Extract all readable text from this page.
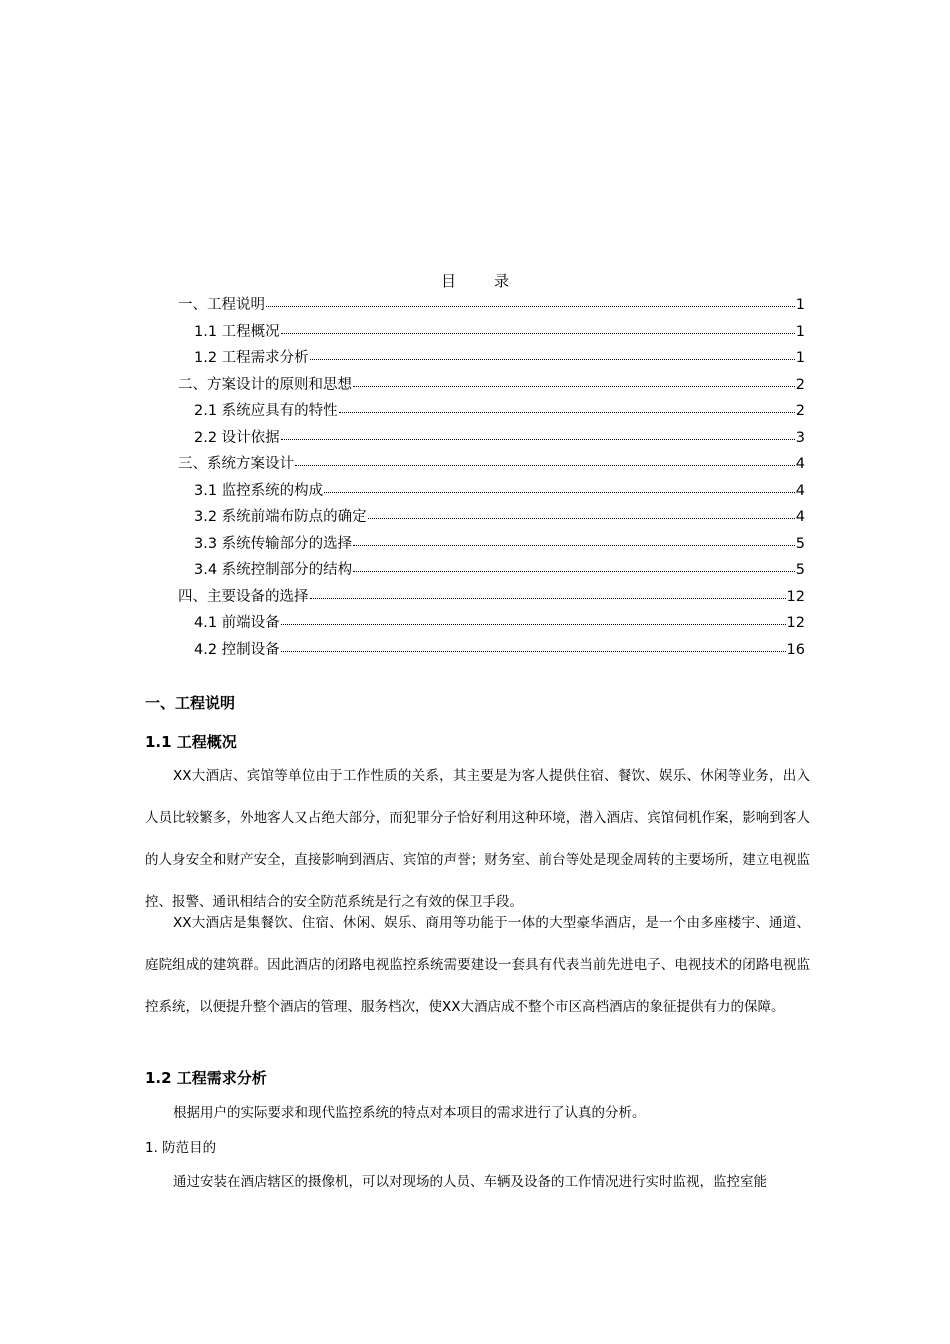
目	录
一、工程说明	1
1.1 工程概况	1
1.2 工程需求分析	1
二、方案设计的原则和思想	2
2.1 系统应具有的特性	2
2.2 设计依据	3
三、系统方案设计	4
3.1 监控系统的构成	4
3.2 系统前端布防点的确定	4
3.3 系统传输部分的选择	5
3.4 系统控制部分的结构	5
四、主要设备的选择	12
4.1 前端设备	12
4.2 控制设备	16
一、工程说明
1.1 工程概况
XX大酒店、宾馆等单位由于工作性质的关系，其主要是为客人提供住宿、餐饮、娱乐、休闲等业务，出入人员比较繁多，外地客人又占绝大部分，而犯罪分子恰好利用这种环境，潜入酒店、宾馆伺机作案，影响到客人的人身安全和财产安全，直接影响到酒店、宾馆的声誉；财务室、前台等处是现金周转的主要场所，建立电视监控、报警、通讯相结合的安全防范系统是行之有效的保卫手段。
XX大酒店是集餐饮、住宿、休闲、娱乐、商用等功能于一体的大型豪华酒店，是一个由多座楼宇、通道、庭院组成的建筑群。因此酒店的闭路电视监控系统需要建设一套具有代表当前先进电子、电视技术的闭路电视监控系统，以便提升整个酒店的管理、服务档次，使XX大酒店成不整个市区高档酒店的象征提供有力的保障。
1.2 工程需求分析
根据用户的实际要求和现代监控系统的特点对本项目的需求进行了认真的分析。
1. 防范目的
通过安装在酒店辖区的摄像机，可以对现场的人员、车辆及设备的工作情况进行实时监视，监控室能
